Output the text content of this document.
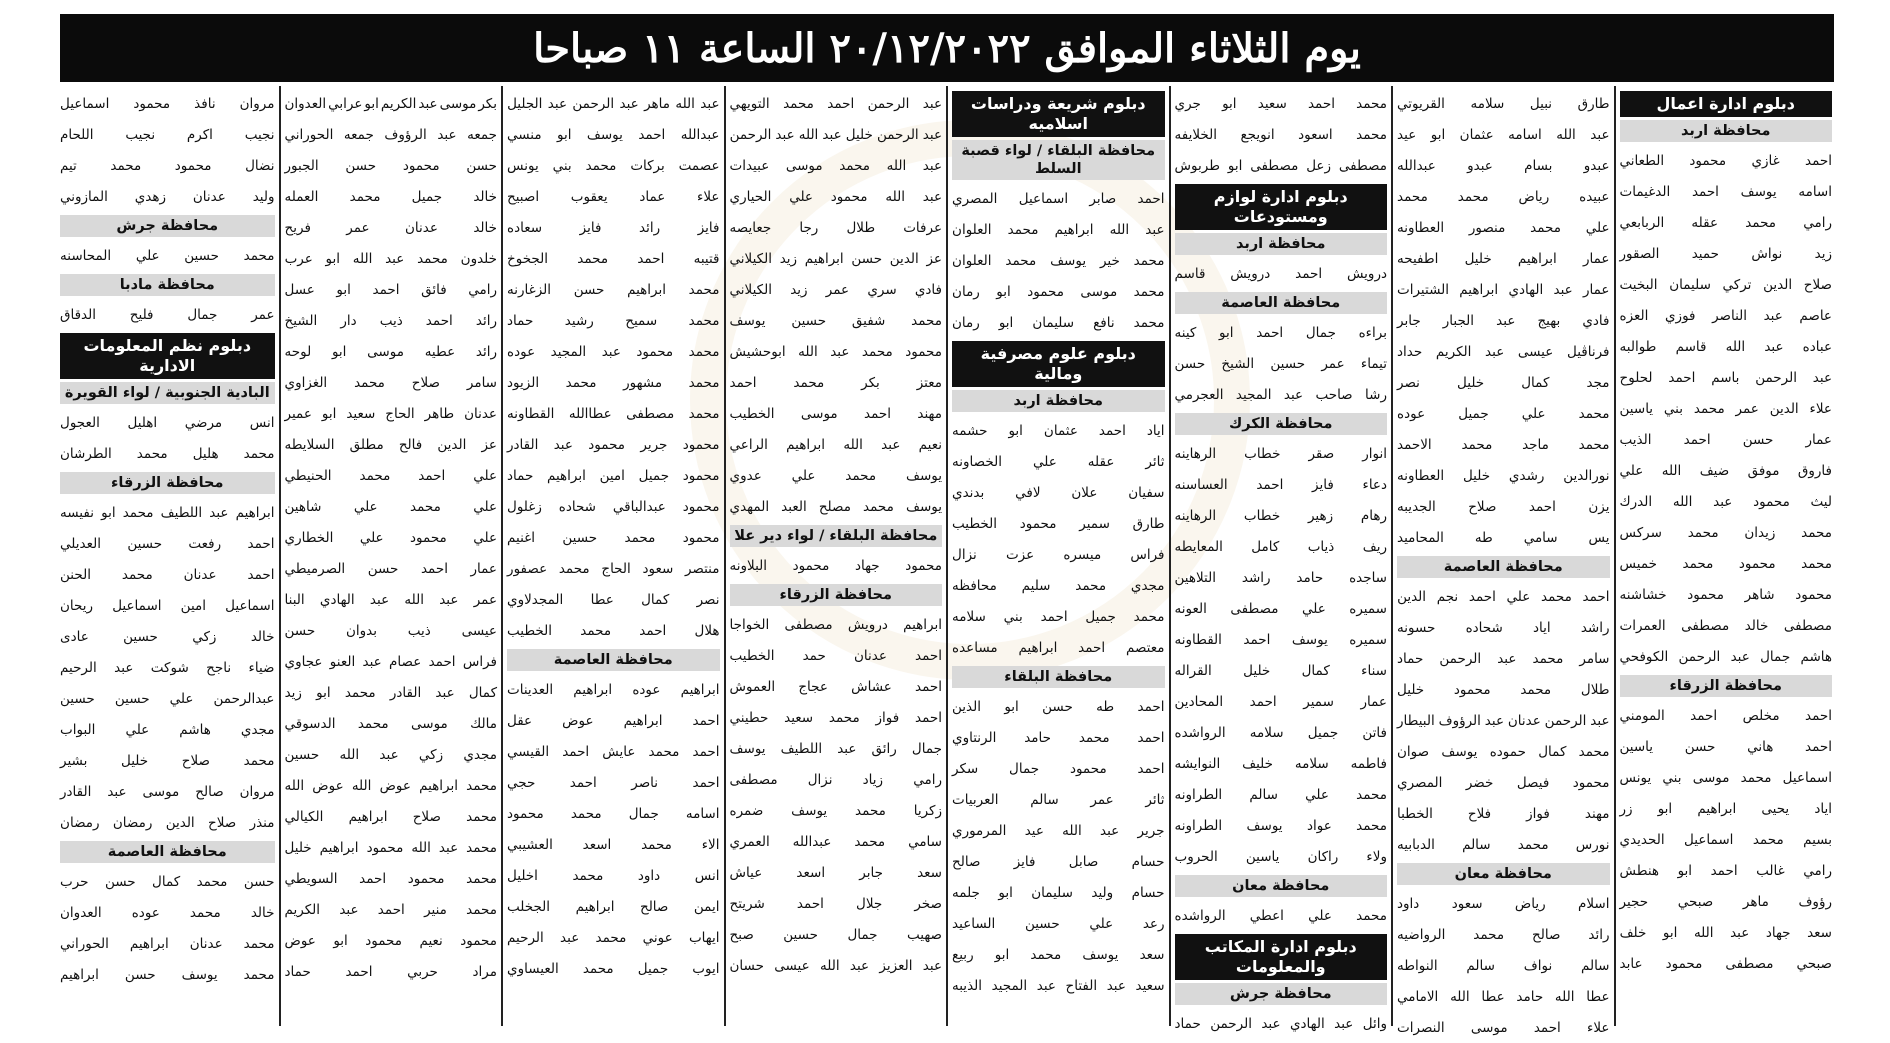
يوم الثلاثاء الموافق ٢٠/١٢/٢٠٢٢ الساعة ١١ صباحا
دبلوم ادارة اعمال
محافظة اربد
احمد
غازي
محمود
الطعاني
اسامه
يوسف
احمد
الدغيمات
رامي
محمد
عقله
الربابعي
زيد
نواش
حميد
الصقور
صلاح
الدين
تركي
سليمان
البخيت
عاصم
عبد
الناصر
فوزي
العزه
عباده
عبد
الله
قاسم
طوالبه
عبد
الرحمن
باسم
احمد
لحلوح
علاء
الدين
عمر
محمد
بني
ياسين
عمار
حسن
احمد
الذيب
فاروق
موفق
ضيف
الله
علي
ليث
محمود
عبد
الله
الدرك
محمد
زيدان
محمد
سركس
محمد
محمود
محمد
خميس
محمود
شاهر
محمود
خشاشنه
مصطفى
خالد
مصطفى
العمرات
هاشم
جمال
عبد
الرحمن
الكوفحي
محافظة الزرقاء
احمد
مخلص
احمد
المومني
احمد
هاني
حسن
ياسين
اسماعيل
محمد
موسى
بني
يونس
اياد
يحيى
ابراهيم
ابو
زر
بسيم
محمد
اسماعيل
الحديدي
رامي
غالب
احمد
ابو
هنطش
رؤوف
ماهر
صبحي
حجير
سعد
جهاد
عبد
الله
ابو
خلف
صبحي
مصطفى
محمود
عابد
طارق
نبيل
سلامه
القريوتي
عبد
الله
اسامه
عثمان
ابو
عيد
عبدو
بسام
عبدو
عبدالله
عبيده
رياض
محمد
محمد
علي
محمد
منصور
العطاونه
عمار
ابراهيم
خليل
اطفيحه
عمار
عبد
الهادي
ابراهيم
الشتيرات
فادي
بهيج
عبد
الجبار
جابر
فرناڤيل
عيسى
عبد
الكريم
حداد
مجد
كمال
خليل
نصر
محمد
علي
جميل
عوده
محمد
ماجد
محمد
الاحمد
نورالدين
رشدي
خليل
العطاونه
يزن
احمد
صلاح
الجديبه
يس
سامي
طه
المحاميد
محافظة العاصمة
احمد
محمد
علي
احمد
نجم
الدين
راشد
اياد
شحاده
حسونه
سامر
محمد
عبد
الرحمن
حماد
طلال
محمد
محمود
خليل
عبد
الرحمن
عدنان
عبد
الرؤوف
البيطار
محمد
كمال
حموده
يوسف
صوان
محمود
فيصل
خضر
المصري
مهند
فواز
فلاح
الخطبا
نورس
محمد
سالم
الدبابيه
محافظة معان
اسلام
رياض
سعود
داود
رائد
صالح
محمد
الرواضيه
سالم
نواف
سالم
النواطه
عطا
الله
حامد
عطا
الله
الامامي
علاء
احمد
موسى
النصرات
محمد
احمد
سعيد
ابو
جري
محمد
اسعود
انويجع
الخلايفه
مصطفى
زعل
مصطفى
ابو
طربوش
دبلوم ادارة لوازم ومستودعات
محافظة اربد
درويش
احمد
درويش
قاسم
محافظة العاصمة
براءه
جمال
احمد
ابو
كينه
تيماء
عمر
حسين
الشيخ
حسن
رشا
صاحب
عبد
المجيد
العجرمي
محافظة الكرك
انوار
صقر
خطاب
الرهاينه
دعاء
فايز
احمد
العساسنه
رهام
زهير
خطاب
الرهاينه
ريف
ذياب
كامل
المعايطه
ساجده
حامد
راشد
التلاهين
سميره
علي
مصطفى
العونه
سميره
يوسف
احمد
القطاونه
سناء
كمال
خليل
القراله
عمار
سمير
احمد
المحادين
فاتن
جميل
سلامه
الرواشده
فاطمه
سلامه
خليف
النوايشه
محمد
علي
سالم
الطراونه
محمد
عواد
يوسف
الطراونه
ولاء
راكان
ياسين
الحروب
محافظة معان
محمد
علي
اعطي
الرواشده
دبلوم ادارة المكاتب والمعلومات
محافظة جرش
وائل
عبد
الهادي
عبد
الرحمن
حماد
دبلوم شريعة ودراسات اسلاميه
محافظة البلقاء / لواء قصبة السلط
احمد
صابر
اسماعيل
المصري
عبد
الله
ابراهيم
محمد
العلوان
محمد
خير
يوسف
محمد
العلوان
محمد
موسى
محمود
ابو
رمان
محمد
نافع
سليمان
ابو
رمان
دبلوم علوم مصرفية ومالية
محافظة اربد
اياد
احمد
عثمان
ابو
حشمه
ثائر
عقله
علي
الخصاونه
سفيان
علان
لافي
بدندي
طارق
سمير
محمود
الخطيب
فراس
ميسره
عزت
نزال
مجدي
محمد
سليم
محافظه
محمد
جميل
احمد
بني
سلامه
معتصم
احمد
ابراهيم
مساعده
محافظة البلقاء
احمد
طه
حسن
ابو
الذين
احمد
محمد
حامد
الرنتاوي
احمد
محمود
جمال
سكر
ثائر
عمر
سالم
العربيات
جرير
عبد
الله
عيد
المرموري
حسام
صابل
فايز
صالح
حسام
وليد
سليمان
ابو
جلمه
رعد
علي
حسين
الساعيد
سعد
يوسف
محمد
ابو
ربيع
سعيد
عبد
الفتاح
عبد
المجيد
الذيبه
عبد
الرحمن
احمد
محمد
التويهي
عبد
الرحمن
خليل
عبد
الله
عبد
الرحمن
عبد
الله
محمد
موسى
عبيدات
عبد
الله
محمود
علي
الحياري
عرفات
طلال
رجا
جعايصه
عز
الدين
حسن
ابراهيم
زيد
الكيلاني
فادي
سري
عمر
زيد
الكيلاني
محمد
شفيق
حسين
يوسف
محمود
محمد
عبد
الله
ابوحشيش
معتز
بكر
محمد
احمد
مهند
احمد
موسى
الخطيب
نعيم
عبد
الله
ابراهيم
الراعي
يوسف
محمد
علي
عدوي
يوسف
محمد
مصلح
العبد
المهدي
محافظة البلقاء / لواء دير علا
محمود
جهاد
محمود
البلاونه
محافظة الزرقاء
ابراهيم
درويش
مصطفى
الخواجا
احمد
عدنان
حمد
الخطيب
احمد
عشاش
عجاج
العموش
احمد
فواز
محمد
سعيد
حطيني
جمال
رائق
عبد
اللطيف
يوسف
رامي
زياد
نزال
مصطفى
زكريا
محمد
يوسف
ضمره
سامي
محمد
عبدالله
العمري
سعد
جابر
اسعد
عياش
صخر
جلال
احمد
شريتح
صهيب
جمال
حسين
صبح
عبد
العزيز
عبد
الله
عيسى
حسان
عبد
الله
ماهر
عبد
الرحمن
عبد
الجليل
عبدالله
احمد
يوسف
ابو
منسي
عصمت
بركات
محمد
بني
يونس
علاء
عماد
يعقوب
اصبيح
فايز
رائد
فايز
سعاده
قتيبه
احمد
محمد
الجخوخ
محمد
ابراهيم
حسن
الزغارنه
محمد
سميح
رشيد
حماد
محمد
محمود
عبد
المجيد
عوده
محمد
مشهور
محمد
الزيود
محمد
مصطفى
عطاالله
القطاونه
محمود
جرير
محمود
عبد
القادر
محمود
جميل
امين
ابراهيم
حماد
محمود
عبدالباقي
شحاده
زغلول
محمود
محمد
حسين
اغنيم
منتصر
سعود
الحاج
محمد
عصفور
نصر
كمال
عطا
المجدلاوي
هلال
احمد
محمد
الخطيب
محافظة العاصمة
ابراهيم
عوده
ابراهيم
العدينات
احمد
ابراهيم
عوض
عقل
احمد
محمد
عايش
احمد
القيسي
احمد
ناصر
احمد
حجي
اسامه
جمال
محمد
محمود
الاء
محمد
اسعد
العشيبي
انس
داود
محمد
اخليل
ايمن
صالح
ابراهيم
الجخلب
ايهاب
عوني
محمد
عبد
الرحيم
ايوب
جميل
محمد
العيساوي
بكر
موسى
عبد
الكريم
ابو
عرابي
العدوان
جمعه
عبد
الرؤوف
جمعه
الحوراني
حسن
محمود
حسن
الجبور
خالد
جميل
محمد
العمله
خالد
عدنان
عمر
فريح
خلدون
محمد
عبد
الله
ابو
عرب
رامي
فائق
احمد
ابو
عسل
رائد
احمد
ذيب
دار
الشيخ
رائد
عطيه
موسى
ابو
لوحه
سامر
صلاح
محمد
الغزاوي
عدنان
طاهر
الحاج
سعيد
ابو
عمير
عز
الدين
فالح
مطلق
السلايطه
علي
احمد
محمد
الحنيطي
علي
محمد
علي
شاهين
علي
محمود
علي
الخطاري
عمار
احمد
حسن
الصرميطي
عمر
عبد
الله
عبد
الهادي
البنا
عيسى
ذيب
بدوان
حسن
فراس
احمد
عصام
عبد
العنو
عجاوي
كمال
عبد
القادر
محمد
ابو
زيد
مالك
موسى
محمد
الدسوقي
مجدي
زكي
عبد
الله
حسين
محمد
ابراهيم
عوض
الله
عوض
الله
محمد
صلاح
ابراهيم
الكيالي
محمد
عبد
الله
محمود
ابراهيم
خليل
محمد
محمود
احمد
السويطي
محمد
منير
احمد
عبد
الكريم
محمود
نعيم
محمود
ابو
عوض
مراد
حربي
احمد
حماد
مروان
نافذ
محمود
اسماعيل
نجيب
اكرم
نجيب
اللحام
نضال
محمود
محمد
تيم
وليد
عدنان
زهدي
المازوني
محافظة جرش
محمد
حسين
علي
المحاسنه
محافظة مادبا
عمر
جمال
فليح
الدقاق
دبلوم نظم المعلومات الادارية
البادية الجنوبية / لواء القويرة
انس
مرضي
اهليل
العجول
محمد
هليل
محمد
الطرشان
محافظة الزرقاء
ابراهيم
عبد
اللطيف
محمد
ابو
نفيسه
احمد
رفعت
حسين
العديلي
احمد
عدنان
محمد
الحنن
اسماعيل
امين
اسماعيل
ريحان
خالد
زكي
حسين
عادى
ضياء
ناجح
شوكت
عبد
الرحيم
عبدالرحمن
علي
حسين
حسين
مجدي
هاشم
علي
البواب
محمد
صلاح
خليل
بشير
مروان
صالح
موسى
عبد
القادر
منذر
صلاح
الدين
رمضان
رمضان
محافظة العاصمة
حسن
محمد
كمال
حسن
حرب
خالد
محمد
عوده
العدوان
محمد
عدنان
ابراهيم
الحوراني
محمد
يوسف
حسن
ابراهيم
